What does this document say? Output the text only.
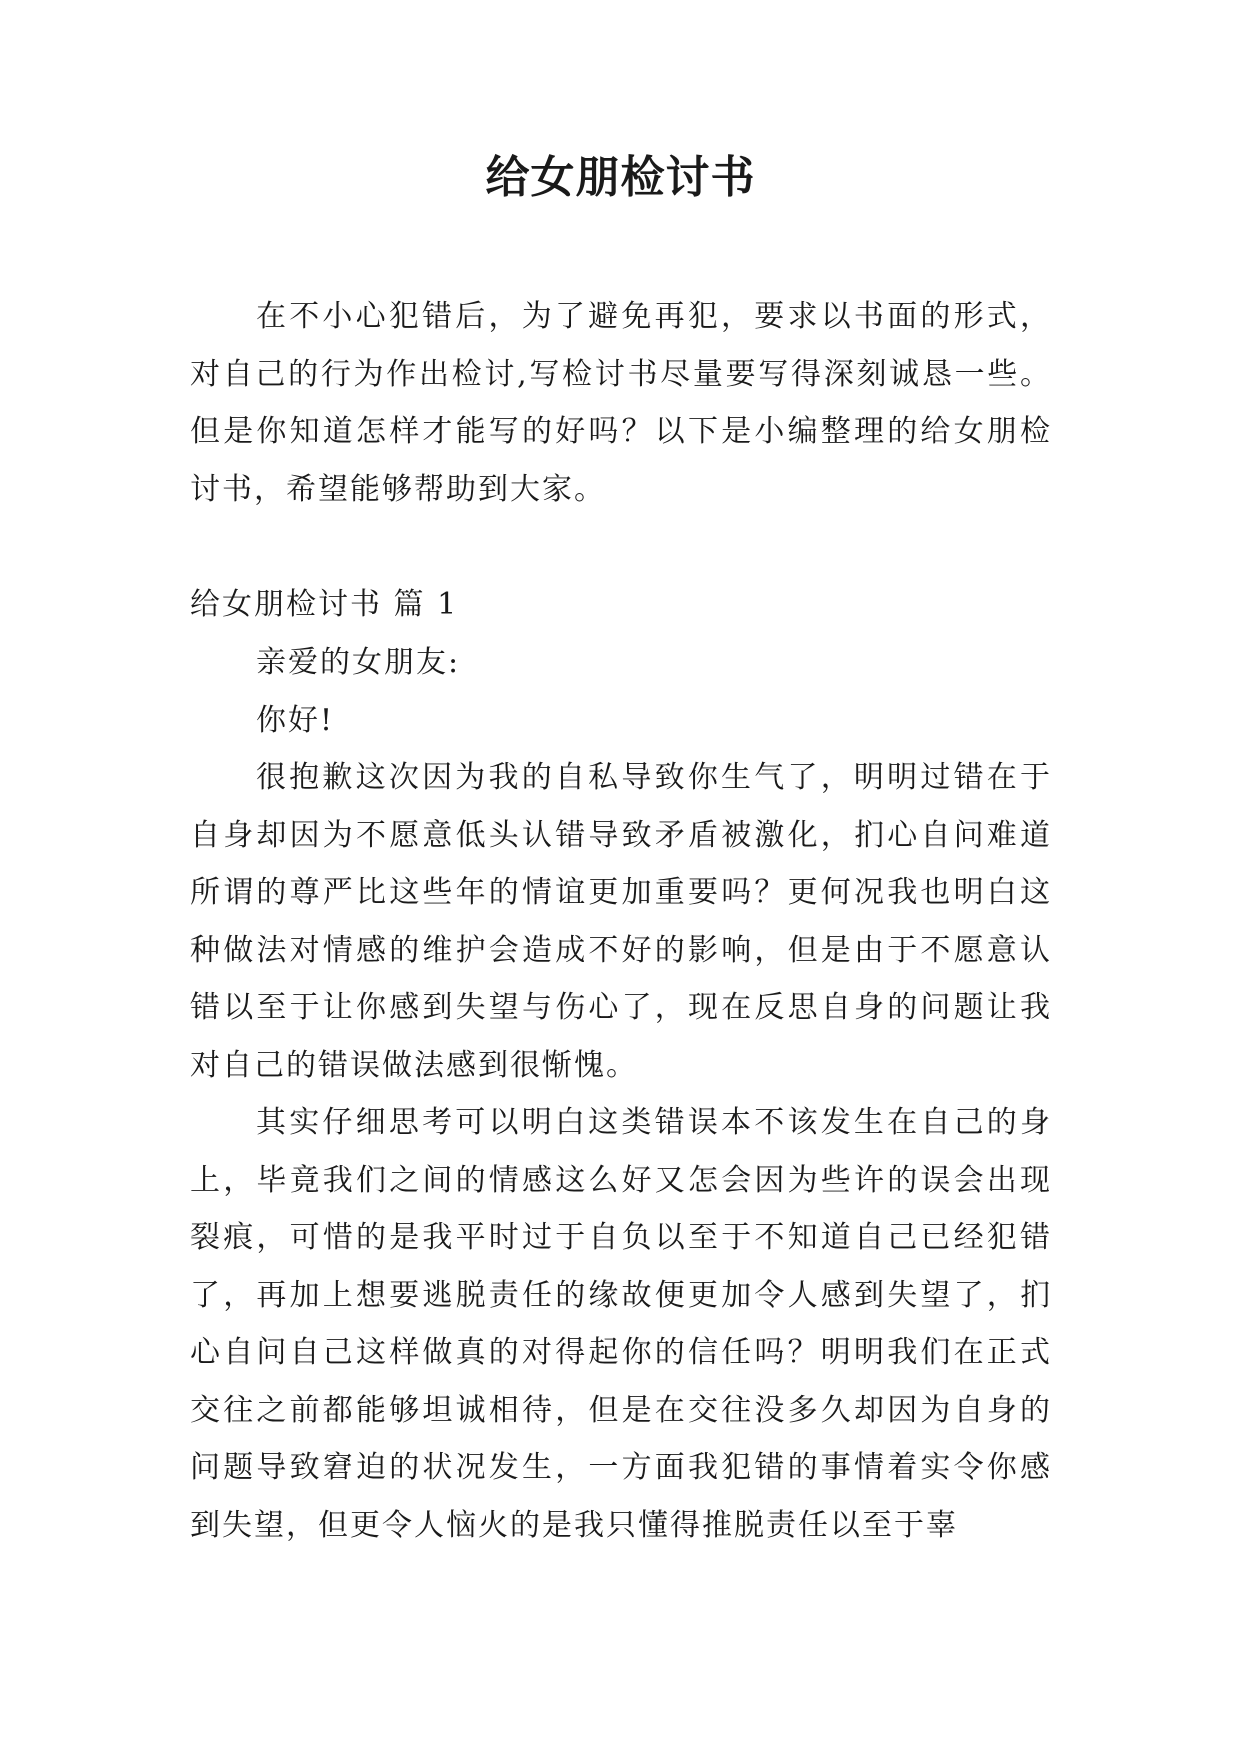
给女朋检讨书

在不小心犯错后，为了避免再犯，要求以书面的形式，对自己的行为作出检讨,写检讨书尽量要写得深刻诚恳一些。但是你知道怎样才能写的好吗？以下是小编整理的给女朋检讨书，希望能够帮助到大家。

给女朋检讨书 篇 1

亲爱的女朋友:

你好!

很抱歉这次因为我的自私导致你生气了，明明过错在于自身却因为不愿意低头认错导致矛盾被激化，扪心自问难道所谓的尊严比这些年的情谊更加重要吗？更何况我也明白这种做法对情感的维护会造成不好的影响，但是由于不愿意认错以至于让你感到失望与伤心了，现在反思自身的问题让我对自己的错误做法感到很惭愧。

其实仔细思考可以明白这类错误本不该发生在自己的身上，毕竟我们之间的情感这么好又怎会因为些许的误会出现裂痕，可惜的是我平时过于自负以至于不知道自己已经犯错了，再加上想要逃脱责任的缘故便更加令人感到失望了，扪心自问自己这样做真的对得起你的信任吗？明明我们在正式交往之前都能够坦诚相待，但是在交往没多久却因为自身的问题导致窘迫的状况发生，一方面我犯错的事情着实令你感到失望，但更令人恼火的是我只懂得推脱责任以至于辜
